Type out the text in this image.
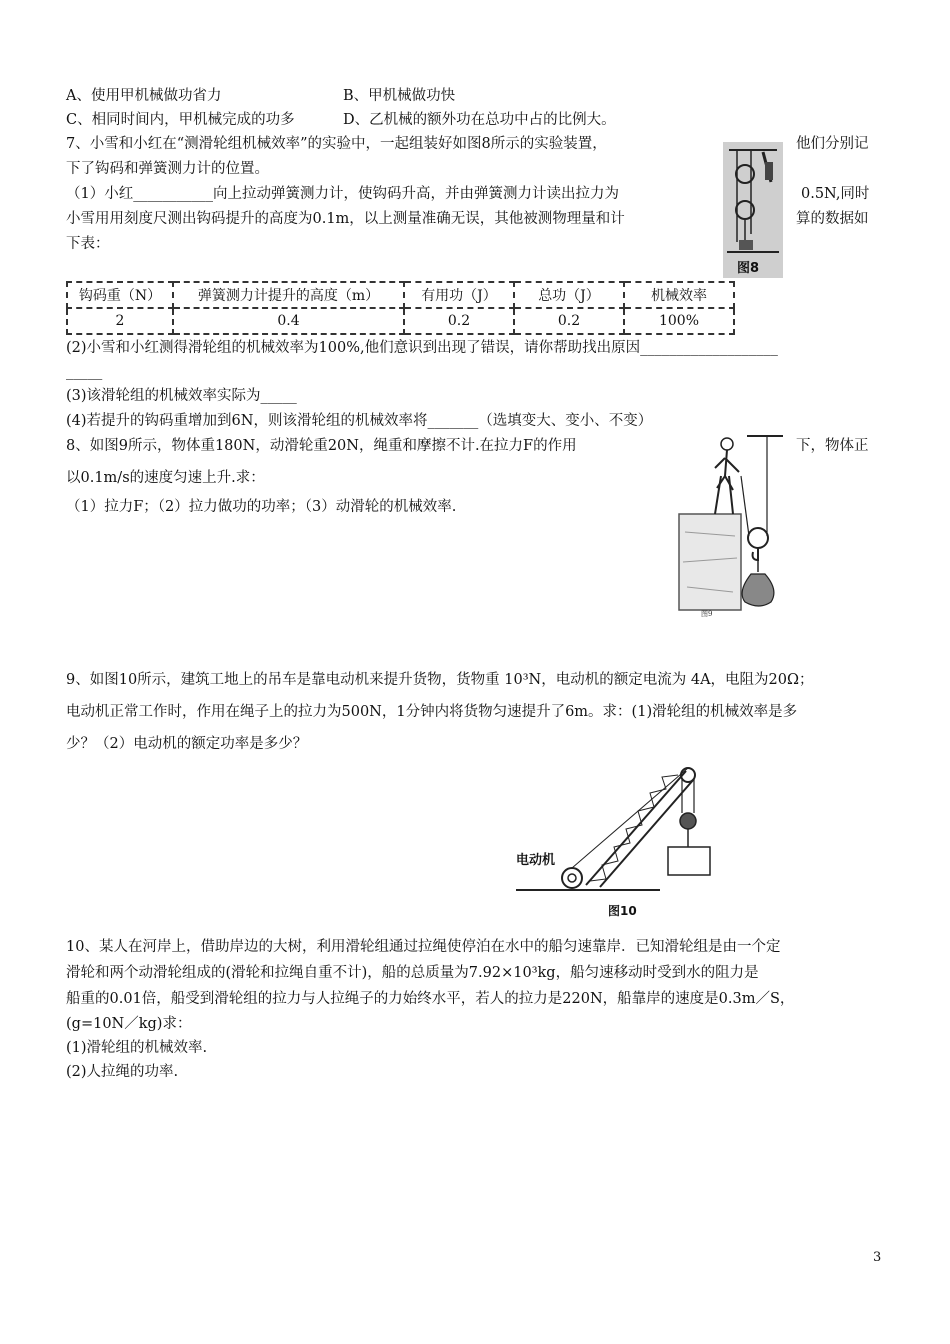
A、使用甲机械做功省力	B、甲机械做功快
C、相同时间内，甲机械完成的功多	D、乙机械的额外功在总功中占的比例大。
7、小雪和小红在“测滑轮组机械效率”的实验中，一起组装好如图8所示的实验装置，	他们分别记
下了钩码和弹簧测力计的位置。
（1）小红___________向上拉动弹簧测力计，使钩码升高，并由弹簧测力计读出拉力为	0.5N,同时
小雪用用刻度尺测出钩码提升的高度为0.1m，以上测量准确无误，其他被测物理量和计	算的数据如
下表：
图8
钩码重（N）	弹簧测力计提升的高度（m）	有用功（J）	总功（J）	机械效率
2	0.4	0.2	0.2	100%
(2)小雪和小红测得滑轮组的机械效率为100%,他们意识到出现了错误，请你帮助找出原因___________________
_____
(3)该滑轮组的机械效率实际为_____
(4)若提升的钩码重增加到6N，则该滑轮组的机械效率将_______（选填变大、变小、不变）
8、如图9所示，物体重180N，动滑轮重20N，绳重和摩擦不计.在拉力F的作用	下，物体正
以0.1m/s的速度匀速上升.求：
（1）拉力F；（2）拉力做功的功率；（3）动滑轮的机械效率.
图9
9、如图10所示，建筑工地上的吊车是靠电动机来提升货物，货物重 10³N，电动机的额定电流为 4A，电阻为20Ω；
电动机正常工作时，作用在绳子上的拉力为500N，1分钟内将货物匀速提升了6m。求：(1)滑轮组的机械效率是多
少？（2）电动机的额定功率是多少？
电动机
图10
10、某人在河岸上，借助岸边的大树，利用滑轮组通过拉绳使停泊在水中的船匀速靠岸．已知滑轮组是由一个定
滑轮和两个动滑轮组成的(滑轮和拉绳自重不计)，船的总质量为7.92×10³kg，船匀速移动时受到水的阻力是
船重的0.01倍，船受到滑轮组的拉力与人拉绳子的力始终水平，若人的拉力是220N，船靠岸的速度是0.3m／S，
(g=10N／kg)求：
(1)滑轮组的机械效率.
(2)人拉绳的功率.
3
